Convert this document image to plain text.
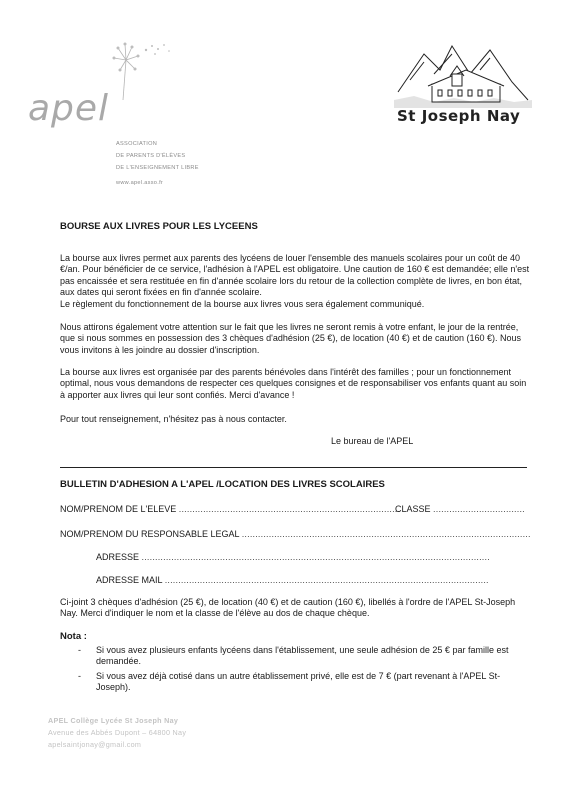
apel
ASSOCIATION
DE PARENTS D'ÉLÈVES
DE L'ENSEIGNEMENT LIBRE
www.apel.asso.fr
St Joseph Nay
BOURSE AUX LIVRES POUR LES LYCEENS
La bourse aux livres permet aux parents des lycéens de louer l'ensemble des manuels scolaires pour un coût de 40 €/an. Pour bénéficier de ce service, l'adhésion à l'APEL est obligatoire. Une caution de 160 € est demandée; elle n'est pas encaissée et sera restituée en fin d'année scolaire lors du retour de la collection complète de livres, en bon état, aux dates qui seront fixées en fin d'année scolaire.
Le règlement du fonctionnement de la bourse aux livres vous sera également communiqué.
Nous attirons également votre attention sur le fait que les livres ne seront remis à votre enfant, le jour de la rentrée, que si nous sommes en possession des 3 chèques d'adhésion (25 €), de location (40 €) et de caution (160 €). Nous vous invitons à les joindre au dossier d'inscription.
La bourse aux livres est organisée par des parents bénévoles dans l'intérêt des familles ; pour un fonctionnement optimal, nous vous demandons de respecter ces quelques consignes et de responsabiliser vos enfants quant au soin à apporter aux livres qui leur sont confiés. Merci d'avance !
Pour tout renseignement, n'hésitez pas à nous contacter.
Le bureau de l'APEL
BULLETIN D'ADHESION A L'APEL /LOCATION DES LIVRES SCOLAIRES
NOM/PRENOM DE L'ELEVE ..................................................................................
CLASSE ..................................
NOM/PRENOM DU RESPONSABLE LEGAL ...........................................................................................................
ADRESSE .................................................................................................................................
ADRESSE MAIL ........................................................................................................................
Ci-joint 3 chèques d'adhésion (25 €), de location (40 €) et de caution (160 €), libellés à l'ordre de l'APEL St-Joseph Nay. Merci d'indiquer le nom et la classe de l'élève au dos de chaque chèque.
Nota :
-	Si vous avez plusieurs enfants lycéens dans l'établissement, une seule adhésion de 25 € par famille est demandée.
-	Si vous avez déjà cotisé dans un autre établissement privé, elle est de 7 € (part revenant à l'APEL St-Joseph).
APEL Collège Lycée St Joseph Nay
Avenue des Abbés Dupont – 64800 Nay
apelsaintjonay@gmail.com
